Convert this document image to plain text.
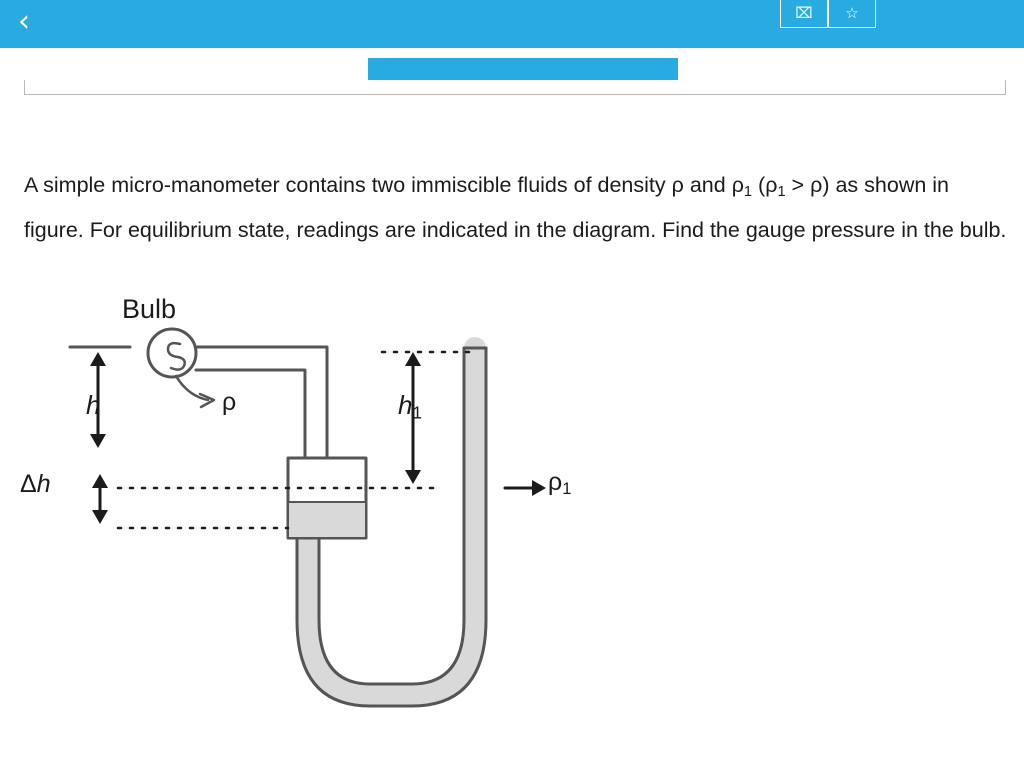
‹	⌧	☆
A simple micro-manometer contains two immiscible fluids of density ρ and $\rho_1$ $(\rho_1 > \rho)$ as shown in figure. For equilibrium state, readings are indicated in the diagram. Find the gauge pressure in the bulb.
Bulb
h
Δh
$h_1$
ρ
$\rho_1$
